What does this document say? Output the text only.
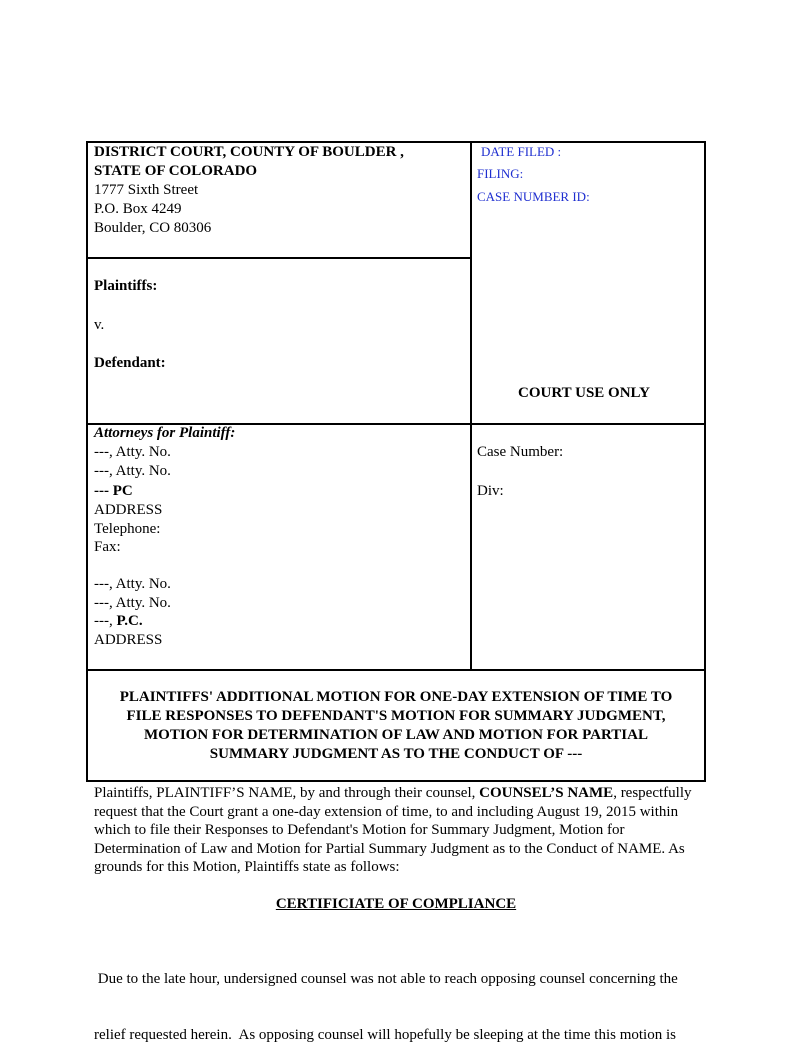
DISTRICT COURT, COUNTY OF BOULDER ,
STATE OF COLORADO
1777 Sixth Street
P.O. Box 4249
Boulder, CO 80306
DATE FILED :
FILING:
CASE NUMBER ID:
Plaintiffs:
v.
Defendant:
COURT USE ONLY
Attorneys for Plaintiff:
---, Atty. No.
---, Atty. No.
--- PC
ADDRESS
Telephone:
Fax:
---, Atty. No.
---, Atty. No.
---, P.C.
ADDRESS
Case Number:
Div:
PLAINTIFFS' ADDITIONAL MOTION FOR ONE-DAY EXTENSION OF TIME TO
FILE RESPONSES TO DEFENDANT'S MOTION FOR SUMMARY JUDGMENT,
MOTION FOR DETERMINATION OF LAW AND MOTION FOR PARTIAL
SUMMARY JUDGMENT AS TO THE CONDUCT OF ---
Plaintiffs, PLAINTIFF’S NAME, by and through their counsel, COUNSEL’S NAME, respectfully
request that the Court grant a one-day extension of time, to and including August 19, 2015 within
which to file their Responses to Defendant's Motion for Summary Judgment, Motion for
Determination of Law and Motion for Partial Summary Judgment as to the Conduct of NAME. As
grounds for this Motion, Plaintiffs state as follows:
CERTIFICIATE OF COMPLIANCE

Due to the late hour, undersigned counsel was not able to reach opposing counsel concerning the

relief requested herein.  As opposing counsel will hopefully be sleeping at the time this motion is
